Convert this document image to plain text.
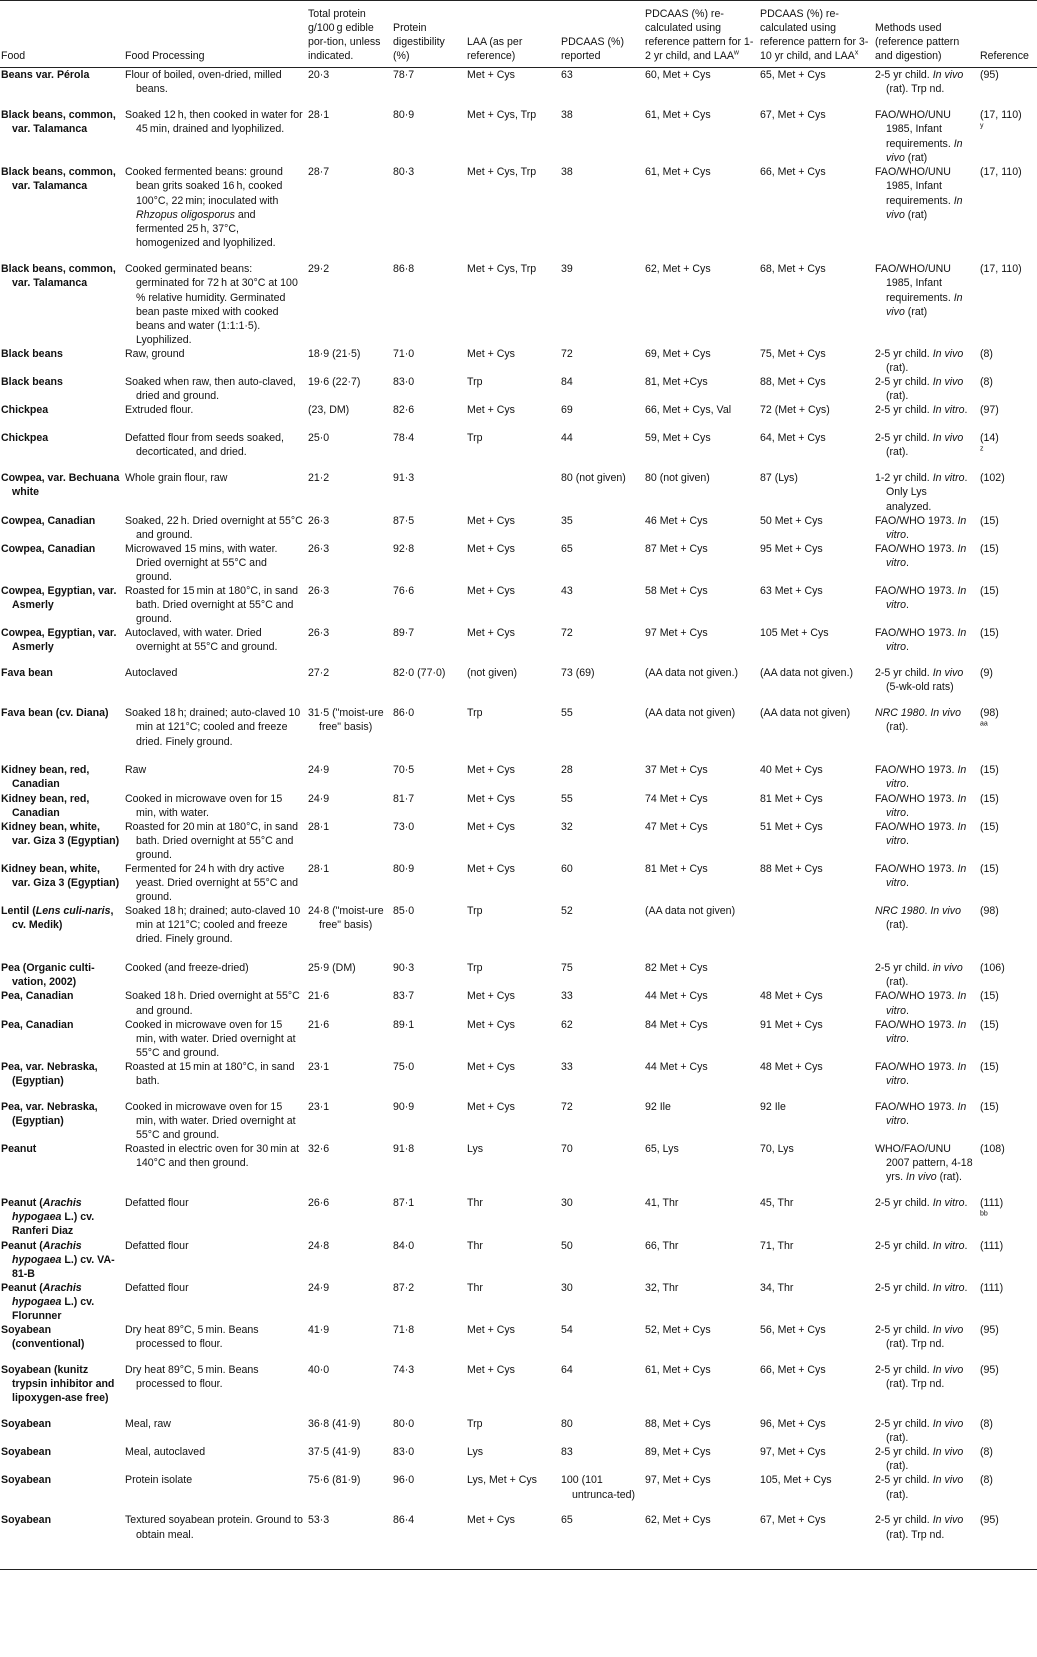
Food	Food Processing	Total protein g/100 g edible por-tion, unless indicated.	Protein digestibility (%)	LAA (as per reference)	PDCAAS (%) reported	PDCAAS (%) re-calculated using reference pattern for 1-2 yr child, and LAA$^w$	PDCAAS (%) re-calculated using reference pattern for 3-10 yr child, and LAA$^x$	Methods used (reference pattern and digestion)	Reference

Beans var. Pérola	Flour of boiled, oven-dried, milled beans.	20·3	78·7	Met + Cys	63	60, Met + Cys	65, Met + Cys	2-5 yr child. In vivo (rat). Trp nd.	(95)

Black beans, common, var. Talamanca	Soaked 12 h, then cooked in water for 45 min, drained and lyophilized.	28·1	80·9	Met + Cys, Trp	38	61, Met + Cys	67, Met + Cys	FAO/WHO/UNU 1985, Infant requirements. In vivo (rat)	(17, 110)
$^y$

Black beans, common, var. Talamanca	Cooked fermented beans: ground bean grits soaked 16 h, cooked 100°C, 22 min; inoculated with Rhzopus oligosporus and fermented 25 h, 37°C, homogenized and lyophilized.	28·7	80·3	Met + Cys, Trp	38	61, Met + Cys	66, Met + Cys	FAO/WHO/UNU 1985, Infant requirements. In vivo (rat)	(17, 110)

Black beans, common, var. Talamanca	Cooked germinated beans: germinated for 72 h at 30°C at 100 % relative humidity. Germinated bean paste mixed with cooked beans and water (1:1:1·5). Lyophilized.	29·2	86·8	Met + Cys, Trp	39	62, Met + Cys	68, Met + Cys	FAO/WHO/UNU 1985, Infant requirements. In vivo (rat)	(17, 110)

Black beans	Raw, ground	18·9 (21·5)	71·0	Met + Cys	72	69, Met + Cys	75, Met + Cys	2-5 yr child. In vivo (rat).	(8)

Black beans	Soaked when raw, then auto-claved, dried and ground.	19·6 (22·7)	83·0	Trp	84	81, Met +Cys	88, Met + Cys	2-5 yr child. In vivo (rat).	(8)

Chickpea	Extruded flour.	(23, DM)	82·6	Met + Cys	69	66, Met + Cys, Val	72 (Met + Cys)	2-5 yr child. In vitro.	(97)

Chickpea	Defatted flour from seeds soaked, decorticated, and dried.	25·0	78·4	Trp	44	59, Met + Cys	64, Met + Cys	2-5 yr child. In vivo (rat).	(14)
$^z$

Cowpea, var. Bechuana white	Whole grain flour, raw	21·2	91·3		80 (not given)	80 (not given)	87 (Lys)	1-2 yr child. In vitro. Only Lys analyzed.	(102)

Cowpea, Canadian	Soaked, 22 h. Dried overnight at 55°C and ground.	26·3	87·5	Met + Cys	35	46 Met + Cys	50 Met + Cys	FAO/WHO 1973. In vitro.	(15)

Cowpea, Canadian	Microwaved 15 mins, with water. Dried overnight at 55°C and ground.	26·3	92·8	Met + Cys	65	87 Met + Cys	95 Met + Cys	FAO/WHO 1973. In vitro.	(15)

Cowpea, Egyptian, var. Asmerly	Roasted for 15 min at 180°C, in sand bath. Dried overnight at 55°C and ground.	26·3	76·6	Met + Cys	43	58 Met + Cys	63 Met + Cys	FAO/WHO 1973. In vitro.	(15)

Cowpea, Egyptian, var. Asmerly	Autoclaved, with water. Dried overnight at 55°C and ground.	26·3	89·7	Met + Cys	72	97 Met + Cys	105 Met + Cys	FAO/WHO 1973. In vitro.	(15)

Fava bean	Autoclaved	27·2	82·0 (77·0)	(not given)	73 (69)	(AA data not given.)	(AA data not given.)	2-5 yr child. In vivo (5-wk-old rats)	(9)

Fava bean (cv. Diana)	Soaked 18 h; drained; auto-claved 10 min at 121°C; cooled and freeze dried. Finely ground.	31·5 ("moist-ure free" basis)	86·0	Trp	55	(AA data not given)	(AA data not given)	NRC 1980. In vivo (rat).	(98)
$^{aa}$

Kidney bean, red, Canadian	Raw	24·9	70·5	Met + Cys	28	37 Met + Cys	40 Met + Cys	FAO/WHO 1973. In vitro.	(15)

Kidney bean, red, Canadian	Cooked in microwave oven for 15 min, with water.	24·9	81·7	Met + Cys	55	74 Met + Cys	81 Met + Cys	FAO/WHO 1973. In vitro.	(15)

Kidney bean, white, var. Giza 3 (Egyptian)	Roasted for 20 min at 180°C, in sand bath. Dried overnight at 55°C and ground.	28·1	73·0	Met + Cys	32	47 Met + Cys	51 Met + Cys	FAO/WHO 1973. In vitro.	(15)

Kidney bean, white, var. Giza 3 (Egyptian)	Fermented for 24 h with dry active yeast. Dried overnight at 55°C and ground.	28·1	80·9	Met + Cys	60	81 Met + Cys	88 Met + Cys	FAO/WHO 1973. In vitro.	(15)

Lentil (Lens culi-naris, cv. Medik)	Soaked 18 h; drained; auto-claved 10 min at 121°C; cooled and freeze dried. Finely ground.	24·8 ("moist-ure free" basis)	85·0	Trp	52	(AA data not given)		NRC 1980. In vivo (rat).	(98)

Pea (Organic culti-vation, 2002)	Cooked (and freeze-dried)	25·9 (DM)	90·3	Trp	75	82 Met + Cys		2-5 yr child. in vivo (rat).	(106)

Pea, Canadian	Soaked 18 h. Dried overnight at 55°C and ground.	21·6	83·7	Met + Cys	33	44 Met + Cys	48 Met + Cys	FAO/WHO 1973. In vitro.	(15)

Pea, Canadian	Cooked in microwave oven for 15 min, with water. Dried overnight at 55°C and ground.	21·6	89·1	Met + Cys	62	84 Met + Cys	91 Met + Cys	FAO/WHO 1973. In vitro.	(15)

Pea, var. Nebraska, (Egyptian)	Roasted at 15 min at 180°C, in sand bath.	23·1	75·0	Met + Cys	33	44 Met + Cys	48 Met + Cys	FAO/WHO 1973. In vitro.	(15)

Pea, var. Nebraska, (Egyptian)	Cooked in microwave oven for 15 min, with water. Dried overnight at 55°C and ground.	23·1	90·9	Met + Cys	72	92 Ile	92 Ile	FAO/WHO 1973. In vitro.	(15)

Peanut	Roasted in electric oven for 30 min at 140°C and then ground.	32·6	91·8	Lys	70	65, Lys	70, Lys	WHO/FAO/UNU 2007 pattern, 4-18 yrs. In vivo (rat).	(108)

Peanut (Arachis hypogaea L.) cv. Ranferi Diaz	Defatted flour	26·6	87·1	Thr	30	41, Thr	45, Thr	2-5 yr child. In vitro.	(111)
$^{bb}$

Peanut (Arachis hypogaea L.) cv. VA-81-B	Defatted flour	24·8	84·0	Thr	50	66, Thr	71, Thr	2-5 yr child. In vitro.	(111)

Peanut (Arachis hypogaea L.) cv. Florunner	Defatted flour	24·9	87·2	Thr	30	32, Thr	34, Thr	2-5 yr child. In vitro.	(111)

Soyabean (conventional)	Dry heat 89°C, 5 min. Beans processed to flour.	41·9	71·8	Met + Cys	54	52, Met + Cys	56, Met + Cys	2-5 yr child. In vivo (rat). Trp nd.	(95)

Soyabean (kunitz trypsin inhibitor and lipoxygen-ase free)	Dry heat 89°C, 5 min. Beans processed to flour.	40·0	74·3	Met + Cys	64	61, Met + Cys	66, Met + Cys	2-5 yr child. In vivo (rat). Trp nd.	(95)

Soyabean	Meal, raw	36·8 (41·9)	80·0	Trp	80	88, Met + Cys	96, Met + Cys	2-5 yr child. In vivo (rat).	(8)

Soyabean	Meal, autoclaved	37·5 (41·9)	83·0	Lys	83	89, Met + Cys	97, Met + Cys	2-5 yr child. In vivo (rat).	(8)

Soyabean	Protein isolate	75·6 (81·9)	96·0	Lys, Met + Cys	100 (101 untrunca-ted)	97, Met + Cys	105, Met + Cys	2-5 yr child. In vivo (rat).	(8)

Soyabean	Textured soyabean protein. Ground to obtain meal.	53·3	86·4	Met + Cys	65	62, Met + Cys	67, Met + Cys	2-5 yr child. In vivo (rat). Trp nd.	(95)
